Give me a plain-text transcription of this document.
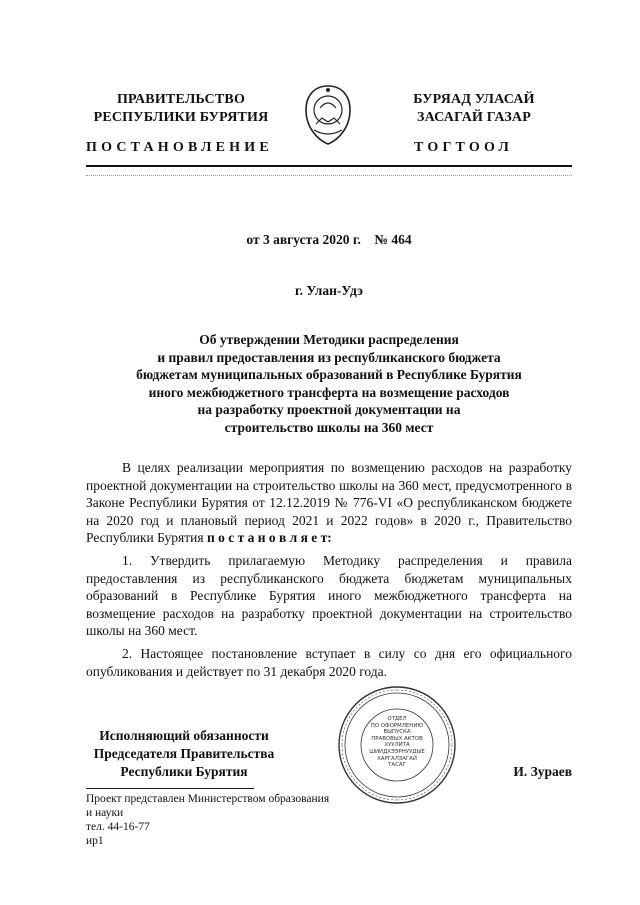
ПРАВИТЕЛЬСТВО
РЕСПУБЛИКИ БУРЯТИЯ
БУРЯАД УЛАСАЙ
ЗАСАГАЙ ГАЗАР
ПОСТАНОВЛЕНИЕ	ТОГТООЛ
от 3 августа 2020 г.    № 464
г. Улан-Удэ
Об утверждении Методики распределения
и правил предоставления из республиканского бюджета
бюджетам муниципальных образований в Республике Бурятия
иного межбюджетного трансферта на возмещение расходов
на разработку проектной документации на
строительство школы на 360 мест
В целях реализации мероприятия по возмещению расходов на разработку проектной документации на строительство школы на 360 мест, предусмотренного в Законе Республики Бурятия от 12.12.2019 № 776-VI «О республиканском бюджете на 2020 год и плановый период 2021 и 2022 годов» в 2020 г., Правительство Республики Бурятия п о с т а н о в л я е т:
1. Утвердить прилагаемую Методику распределения и правила предоставления из республиканского бюджета бюджетам муниципальных образований в Республике Бурятия иного межбюджетного трансферта на возмещение расходов на разработку проектной документации на строительство школы на 360 мест.
2. Настоящее постановление вступает в силу со дня его официального опубликования и действует по 31 декабря 2020 года.
Исполняющий обязанности
Председателя Правительства
Республики Бурятия
ОТДЕЛ
ПО ОФОРМЛЕНИЮ
ВЫПУСКА
ПРАВОВЫХ АКТОВ
ХУУЛИТА
ШИИДХЭЭРНУУДЫЕ
ХАРГАЛЗАГАЙ
ТАСАГ	И. Зураев
Проект представлен Министерством образования
и науки
тел. 44-16-77
ир1
